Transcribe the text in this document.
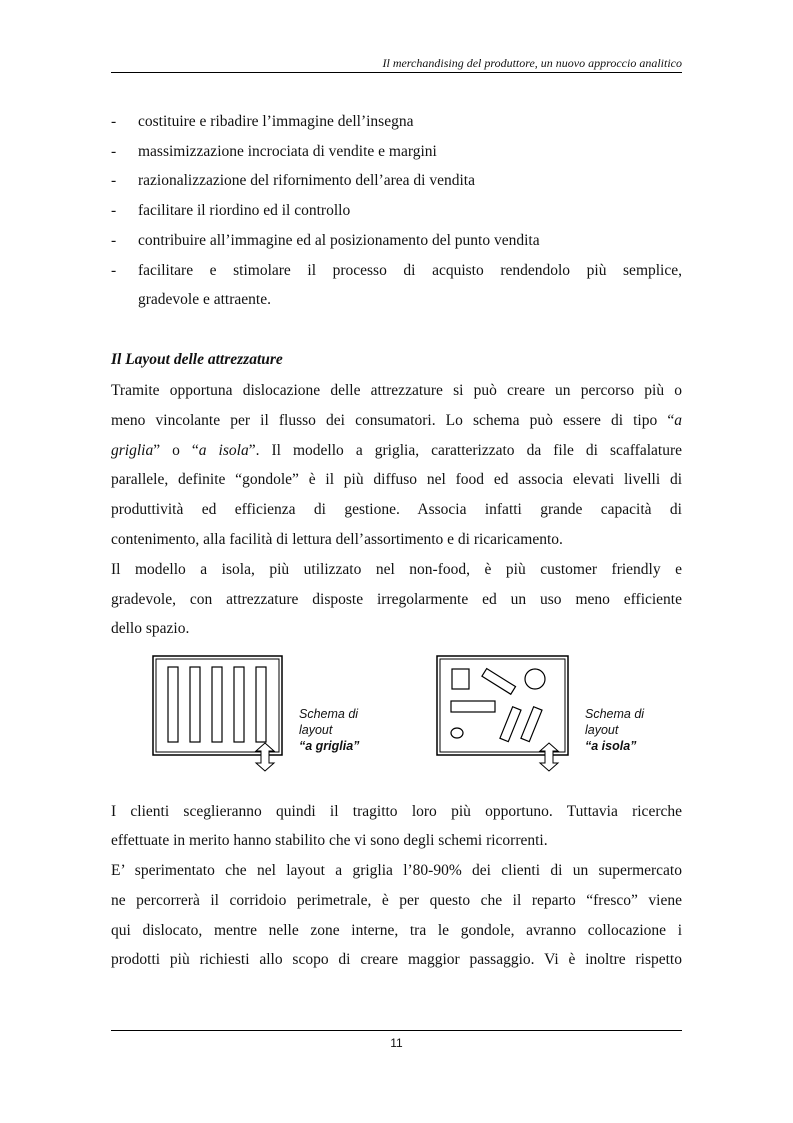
Il merchandising del produttore, un nuovo approccio analitico
- costituire e ribadire l’immagine dell’insegna
- massimizzazione incrociata di vendite e margini
- razionalizzazione del rifornimento dell’area di vendita
- facilitare il riordino ed il controllo
- contribuire all’immagine ed al posizionamento del punto vendita
- facilitare e stimolare il processo di acquisto rendendolo più semplice,
gradevole e attraente.
Il Layout delle attrezzature
Tramite opportuna dislocazione delle attrezzature si può creare un percorso più o
meno vincolante per il flusso dei consumatori. Lo schema può essere di tipo “a
griglia” o “a isola”. Il modello a griglia, caratterizzato da file di scaffalature
parallele, definite “gondole” è il più diffuso nel food ed associa elevati livelli di
produttività ed efficienza di gestione. Associa infatti grande capacità di
contenimento, alla facilità di lettura dell’assortimento e di ricaricamento.
Il modello a isola, più utilizzato nel non-food, è più customer friendly e
gradevole, con attrezzature disposte irregolarmente ed un uso meno efficiente
dello spazio.
Schema di
layout
“a griglia”
Schema di
layout
“a isola”
I clienti sceglieranno quindi il tragitto loro più opportuno. Tuttavia ricerche
effettuate in merito hanno stabilito che vi sono degli schemi ricorrenti.
E’ sperimentato che nel layout a griglia l’80-90% dei clienti di un supermercato
ne percorrerà il corridoio perimetrale, è per questo che il reparto “fresco” viene
qui dislocato, mentre nelle zone interne, tra le gondole, avranno collocazione i
prodotti più richiesti allo scopo di creare maggior passaggio. Vi è inoltre rispetto
11
